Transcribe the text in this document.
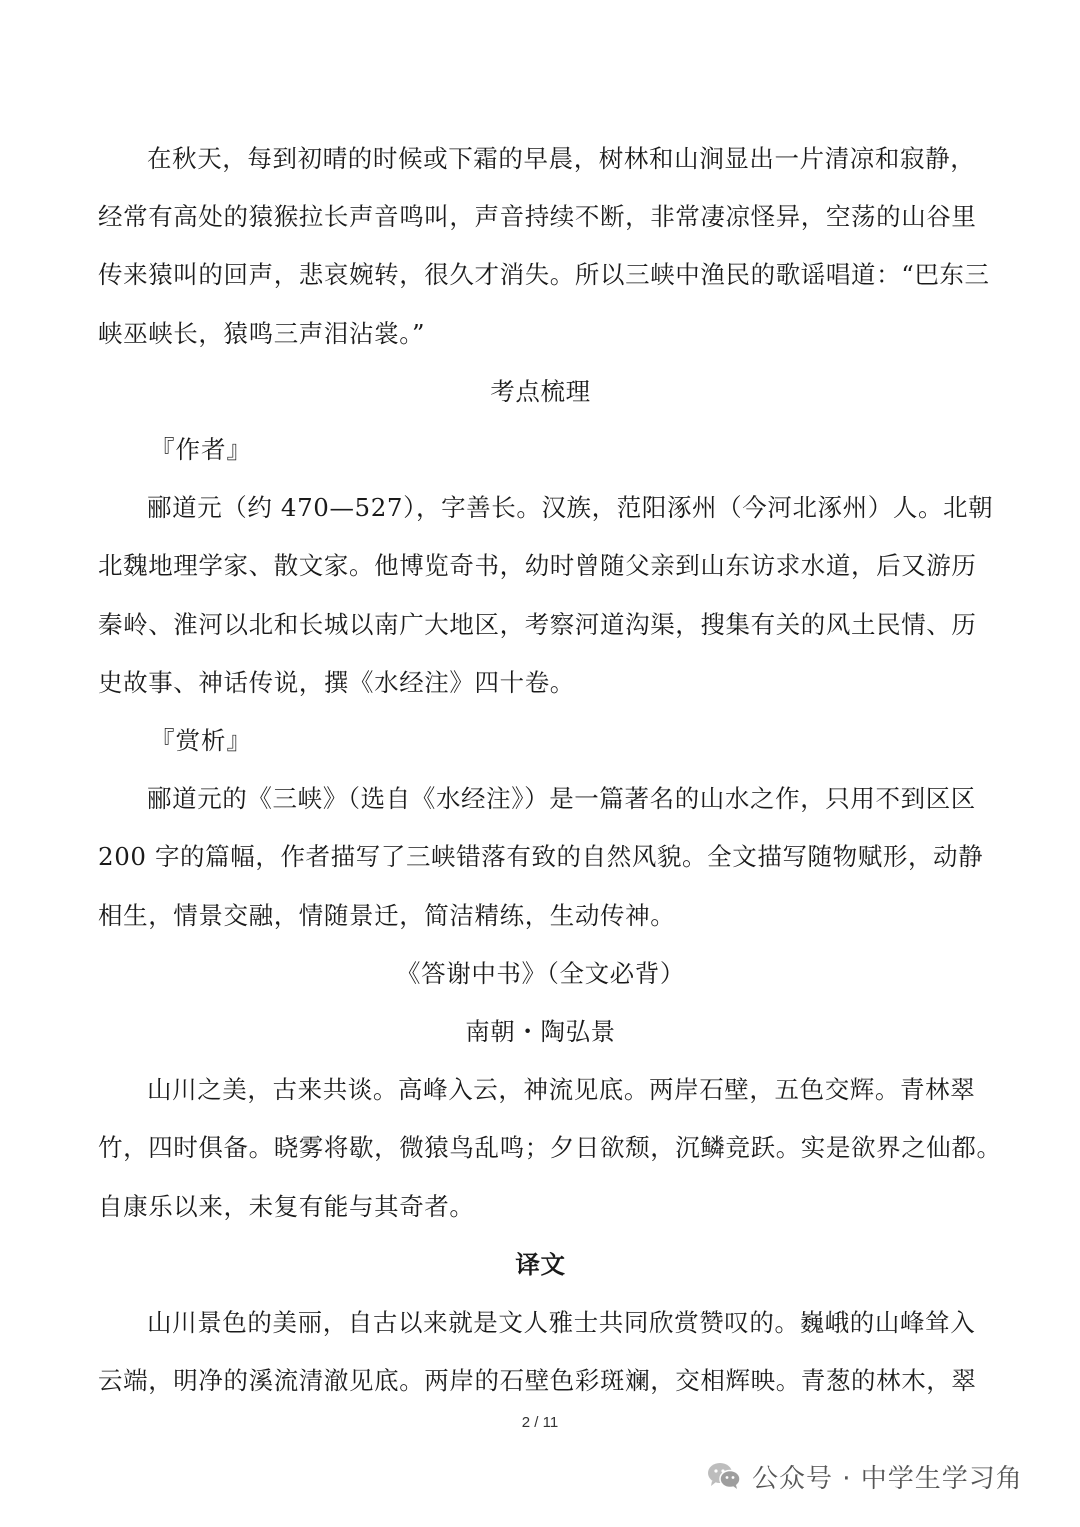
在秋天，每到初晴的时候或下霜的早晨，树林和山涧显出一片清凉和寂静，
经常有高处的猿猴拉长声音鸣叫，声音持续不断，非常凄凉怪异，空荡的山谷里
传来猿叫的回声，悲哀婉转，很久才消失。所以三峡中渔民的歌谣唱道：“巴东三
峡巫峡长，猿鸣三声泪沾裳。”

考点梳理

『作者』

郦道元（约 470—527），字善长。汉族，范阳涿州（今河北涿州）人。北朝
北魏地理学家、散文家。他博览奇书，幼时曾随父亲到山东访求水道，后又游历
秦岭、淮河以北和长城以南广大地区，考察河道沟渠，搜集有关的风土民情、历
史故事、神话传说，撰《水经注》四十卷。

『赏析』

郦道元的《三峡》（选自《水经注》）是一篇著名的山水之作，只用不到区区
200 字的篇幅，作者描写了三峡错落有致的自然风貌。全文描写随物赋形，动静
相生，情景交融，情随景迁，简洁精练，生动传神。

《答谢中书》（全文必背）

南朝・陶弘景

山川之美，古来共谈。高峰入云，神流见底。两岸石壁，五色交辉。青林翠
竹，四时俱备。晓雾将歇，微猿鸟乱鸣；夕日欲颓，沉鳞竞跃。实是欲界之仙都。
自康乐以来，未复有能与其奇者。

译文

山川景色的美丽，自古以来就是文人雅士共同欣赏赞叹的。巍峨的山峰耸入
云端，明净的溪流清澈见底。两岸的石壁色彩斑斓，交相辉映。青葱的林木，翠
2 / 11
公众号 · 中学生学习角
